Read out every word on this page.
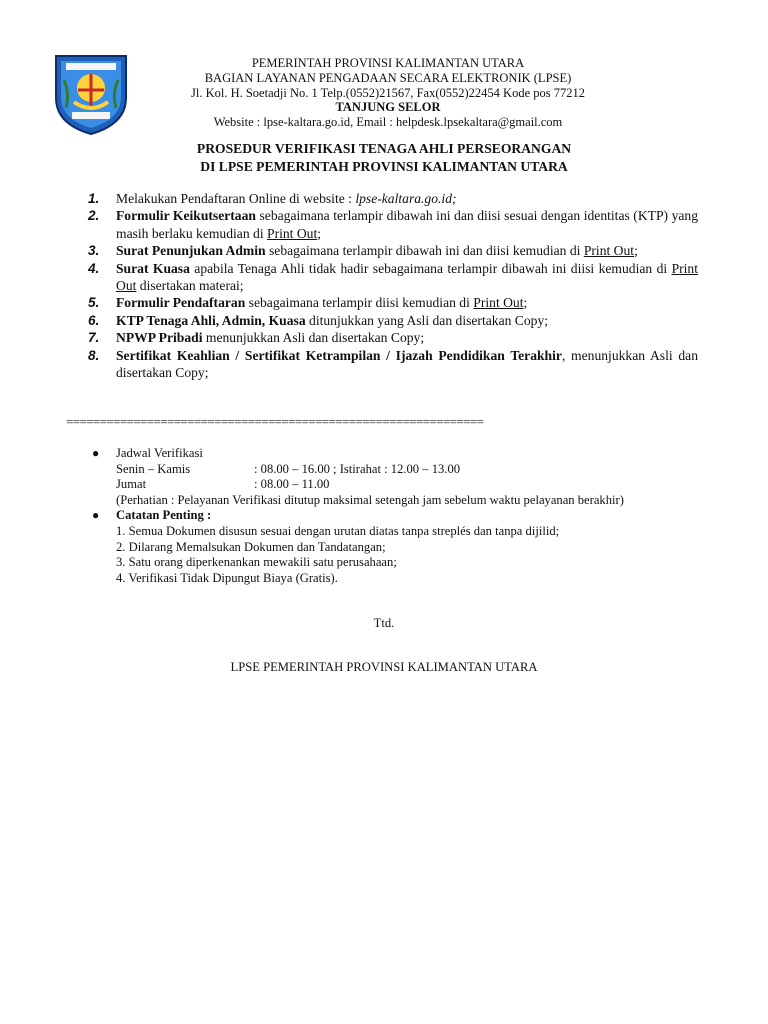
PEMERINTAH PROVINSI KALIMANTAN UTARA
BAGIAN LAYANAN PENGADAAN SECARA ELEKTRONIK (LPSE)
Jl. Kol. H. Soetadji No. 1 Telp.(0552)21567, Fax(0552)22454 Kode pos 77212
TANJUNG SELOR
Website : lpse-kaltara.go.id, Email : helpdesk.lpsekaltara@gmail.com
PROSEDUR VERIFIKASI TENAGA AHLI PERSEORANGAN
DI LPSE PEMERINTAH PROVINSI KALIMANTAN UTARA
1. Melakukan Pendaftaran Online di website : lpse-kaltara.go.id;
2. Formulir Keikutsertaan sebagaimana terlampir dibawah ini dan diisi sesuai dengan identitas (KTP) yang masih berlaku kemudian di Print Out;
3. Surat Penunjukan Admin sebagaimana terlampir dibawah ini dan diisi kemudian di Print Out;
4. Surat Kuasa apabila Tenaga Ahli tidak hadir sebagaimana terlampir dibawah ini diisi kemudian di Print Out disertakan materai;
5. Formulir Pendaftaran sebagaimana terlampir diisi kemudian di Print Out;
6. KTP Tenaga Ahli, Admin, Kuasa ditunjukkan yang Asli dan disertakan Copy;
7. NPWP Pribadi menunjukkan Asli dan disertakan Copy;
8. Sertifikat Keahlian / Sertifikat Ketrampilan / Ijazah Pendidikan Terakhir, menunjukkan Asli dan disertakan Copy;
==============================================================
● Jadwal Verifikasi
Senin – Kamis	: 08.00 – 16.00 ; Istirahat : 12.00 – 13.00
Jumat	: 08.00 – 11.00
(Perhatian : Pelayanan Verifikasi ditutup maksimal setengah jam sebelum waktu pelayanan berakhir)
● Catatan Penting :
1. Semua Dokumen disusun sesuai dengan urutan diatas tanpa streplés dan tanpa dijilid;
2. Dilarang Memalsukan Dokumen dan Tandatangan;
3. Satu orang diperkenankan mewakili satu perusahaan;
4. Verifikasi Tidak Dipungut Biaya (Gratis).
Ttd.
LPSE PEMERINTAH PROVINSI KALIMANTAN UTARA
